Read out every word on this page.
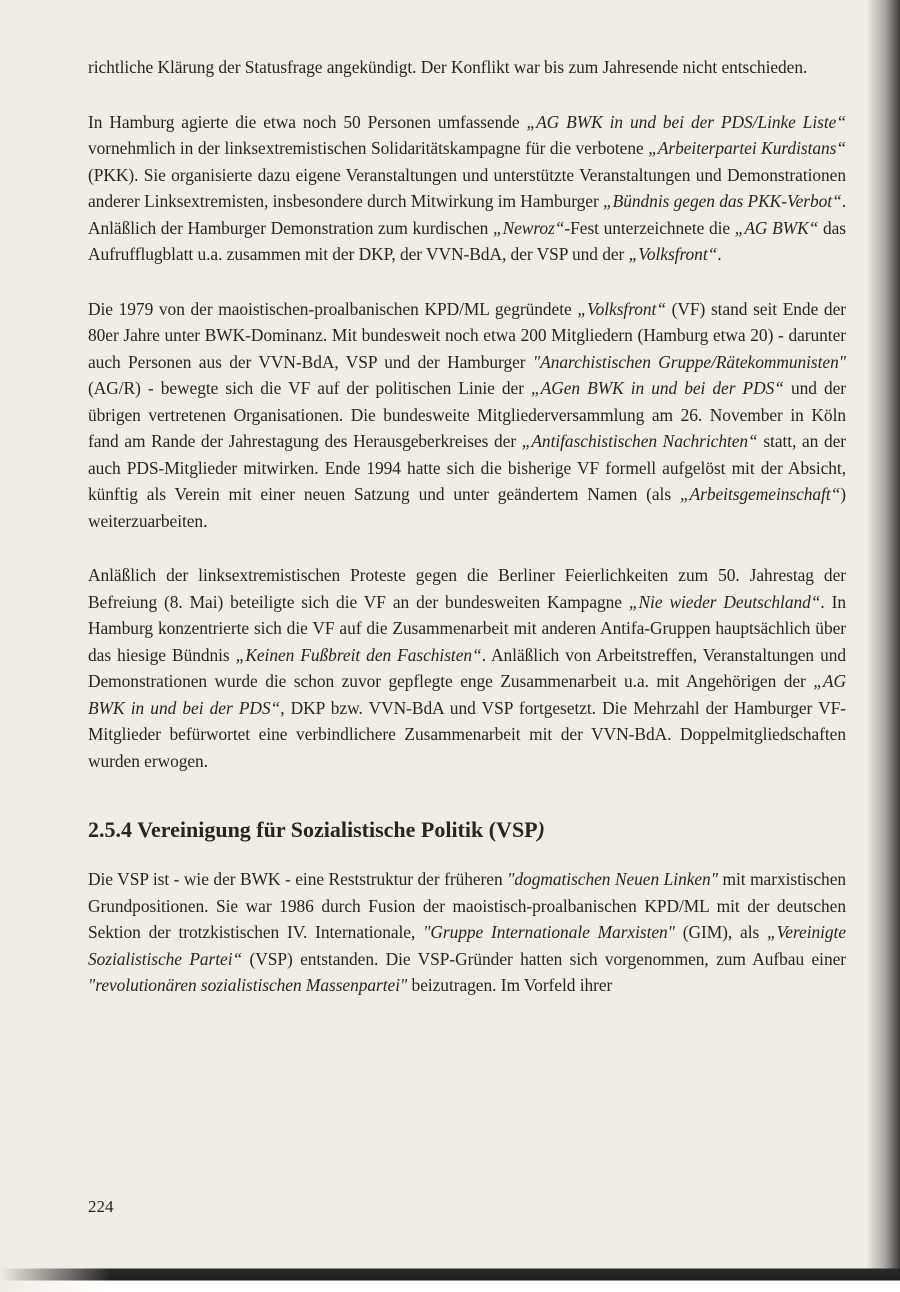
richtliche Klärung der Statusfrage angekündigt. Der Konflikt war bis zum Jahresende nicht entschieden.

In Hamburg agierte die etwa noch 50 Personen umfassende „AG BWK in und bei der PDS/Linke Liste“ vornehmlich in der linksextremistischen Solidaritätskampagne für die verbotene „Arbeiterpartei Kurdistans“ (PKK). Sie organisierte dazu eigene Veranstaltungen und unterstützte Veranstaltungen und Demonstrationen anderer Linksextremisten, insbesondere durch Mitwirkung im Hamburger „Bündnis gegen das PKK-Verbot“. Anläßlich der Hamburger Demonstration zum kurdischen „Newroz“-Fest unterzeichnete die „AG BWK“ das Aufrufflugblatt u.a. zusammen mit der DKP, der VVN-BdA, der VSP und der „Volksfront“.

Die 1979 von der maoistischen-proalbanischen KPD/ML gegründete „Volksfront“ (VF) stand seit Ende der 80er Jahre unter BWK-Dominanz. Mit bundesweit noch etwa 200 Mitgliedern (Hamburg etwa 20) - darunter auch Personen aus der VVN-BdA, VSP und der Hamburger "Anarchistischen Gruppe/Rätekommunisten" (AG/R) - bewegte sich die VF auf der politischen Linie der „AGen BWK in und bei der PDS“ und der übrigen vertretenen Organisationen. Die bundesweite Mitgliederversammlung am 26. November in Köln fand am Rande der Jahrestagung des Herausgeberkreises der „Antifaschistischen Nachrichten“ statt, an der auch PDS-Mitglieder mitwirken. Ende 1994 hatte sich die bisherige VF formell aufgelöst mit der Absicht, künftig als Verein mit einer neuen Satzung und unter geändertem Namen (als „Arbeitsgemeinschaft“) weiterzuarbeiten.

Anläßlich der linksextremistischen Proteste gegen die Berliner Feierlichkeiten zum 50. Jahrestag der Befreiung (8. Mai) beteiligte sich die VF an der bundesweiten Kampagne „Nie wieder Deutschland“. In Hamburg konzentrierte sich die VF auf die Zusammenarbeit mit anderen Antifa-Gruppen hauptsächlich über das hiesige Bündnis „Keinen Fußbreit den Faschisten“. Anläßlich von Arbeitstreffen, Veranstaltungen und Demonstrationen wurde die schon zuvor gepflegte enge Zusammenarbeit u.a. mit Angehörigen der „AG BWK in und bei der PDS“, DKP bzw. VVN-BdA und VSP fortgesetzt. Die Mehrzahl der Hamburger VF-Mitglieder befürwortet eine verbindlichere Zusammenarbeit mit der VVN-BdA. Doppelmitgliedschaften wurden erwogen.

2.5.4 Vereinigung für Sozialistische Politik (VSP)

Die VSP ist - wie der BWK - eine Reststruktur der früheren "dogmatischen Neuen Linken" mit marxistischen Grundpositionen. Sie war 1986 durch Fusion der maoistisch-proalbanischen KPD/ML mit der deutschen Sektion der trotzkistischen IV. Internationale, "Gruppe Internationale Marxisten" (GIM), als „Vereinigte Sozialistische Partei“ (VSP) entstanden. Die VSP-Gründer hatten sich vorgenommen, zum Aufbau einer "revolutionären sozialistischen Massenpartei" beizutragen. Im Vorfeld ihrer

224
